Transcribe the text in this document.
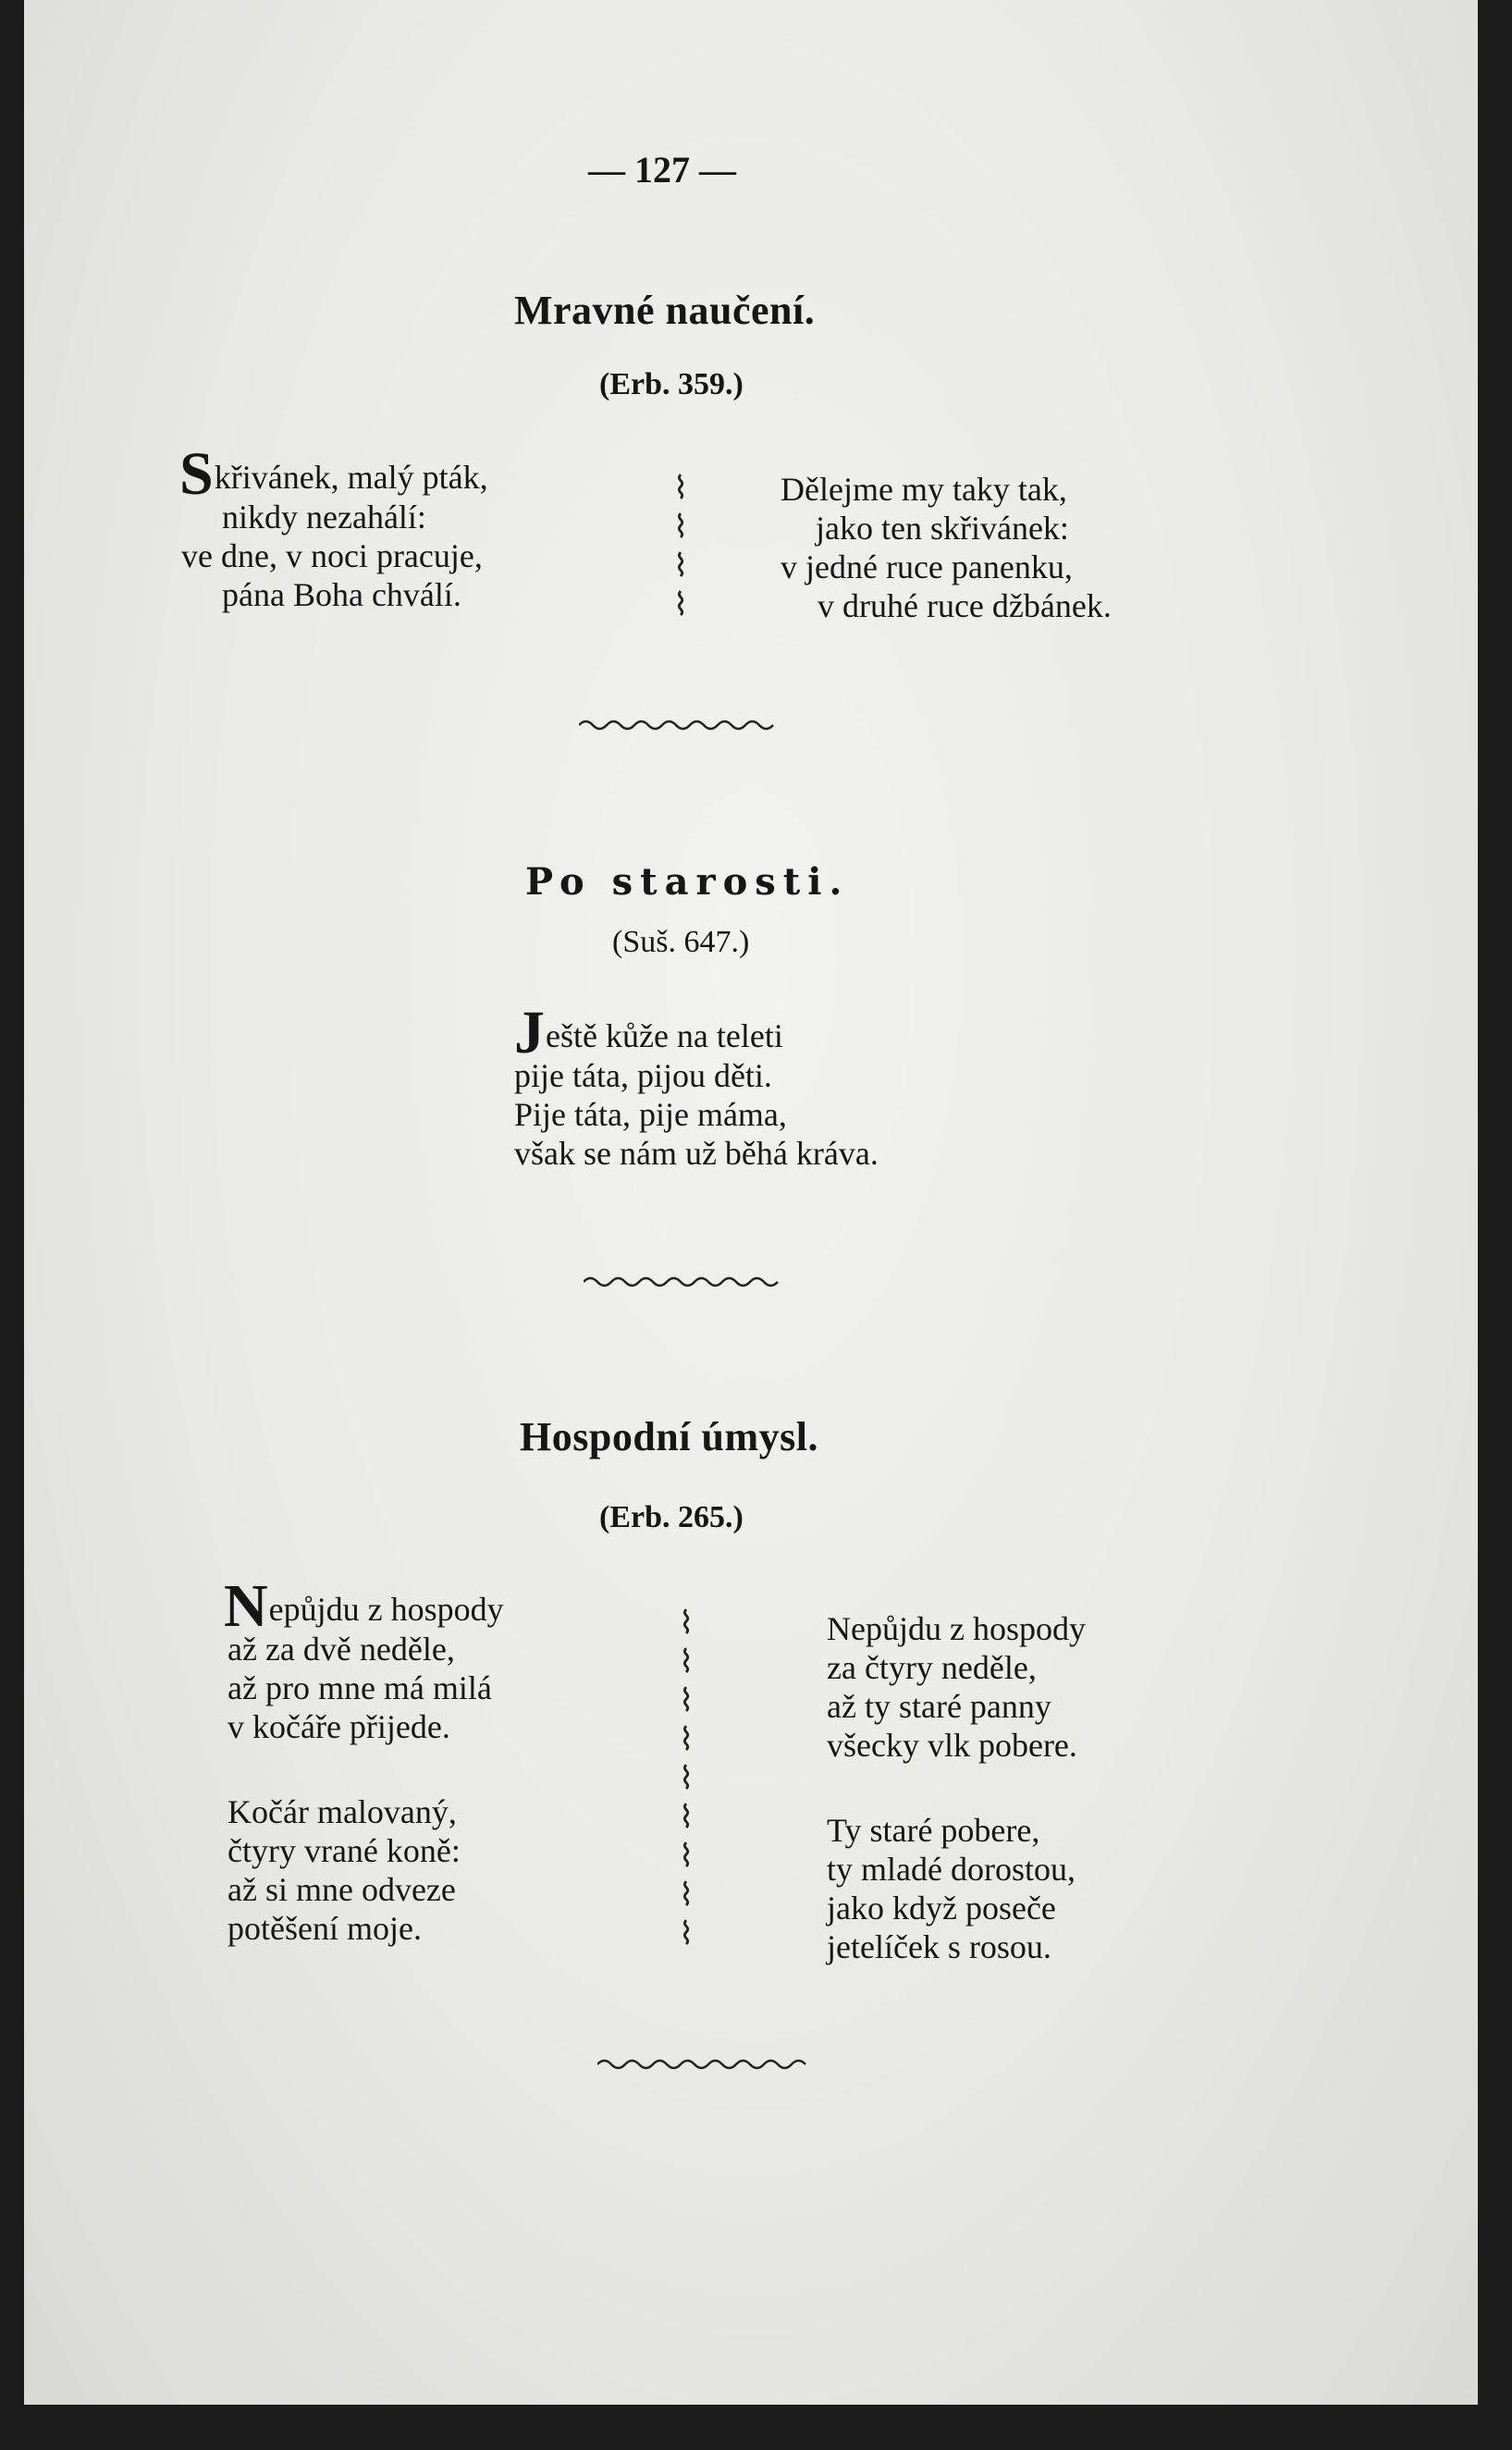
— 127 —
Mravné naučení.
(Erb. 359.)
Skřivánek, malý pták,
nikdy nezahálí:
ve dne, v noci pracuje,
pána Boha chválí.
⌇
⌇
⌇
⌇
Dělejme my taky tak,
jako ten skřivánek:
v jedné ruce panenku,
v druhé ruce džbánek.
Po starosti.
(Suš. 647.)
Ještě kůže na teleti
pije táta, pijou děti.
Pije táta, pije máma,
však se nám už běhá kráva.
Hospodní úmysl.
(Erb. 265.)
Nepůjdu z hospody
až za dvě neděle,
až pro mne má milá
v kočáře přijede.
Kočár malovaný,
čtyry vrané koně:
až si mne odveze
potěšení moje.
⌇
⌇
⌇
⌇
⌇
⌇
⌇
⌇
⌇
Nepůjdu z hospody
za čtyry neděle,
až ty staré panny
všecky vlk pobere.
Ty staré pobere,
ty mladé dorostou,
jako když poseče
jetelíček s rosou.
